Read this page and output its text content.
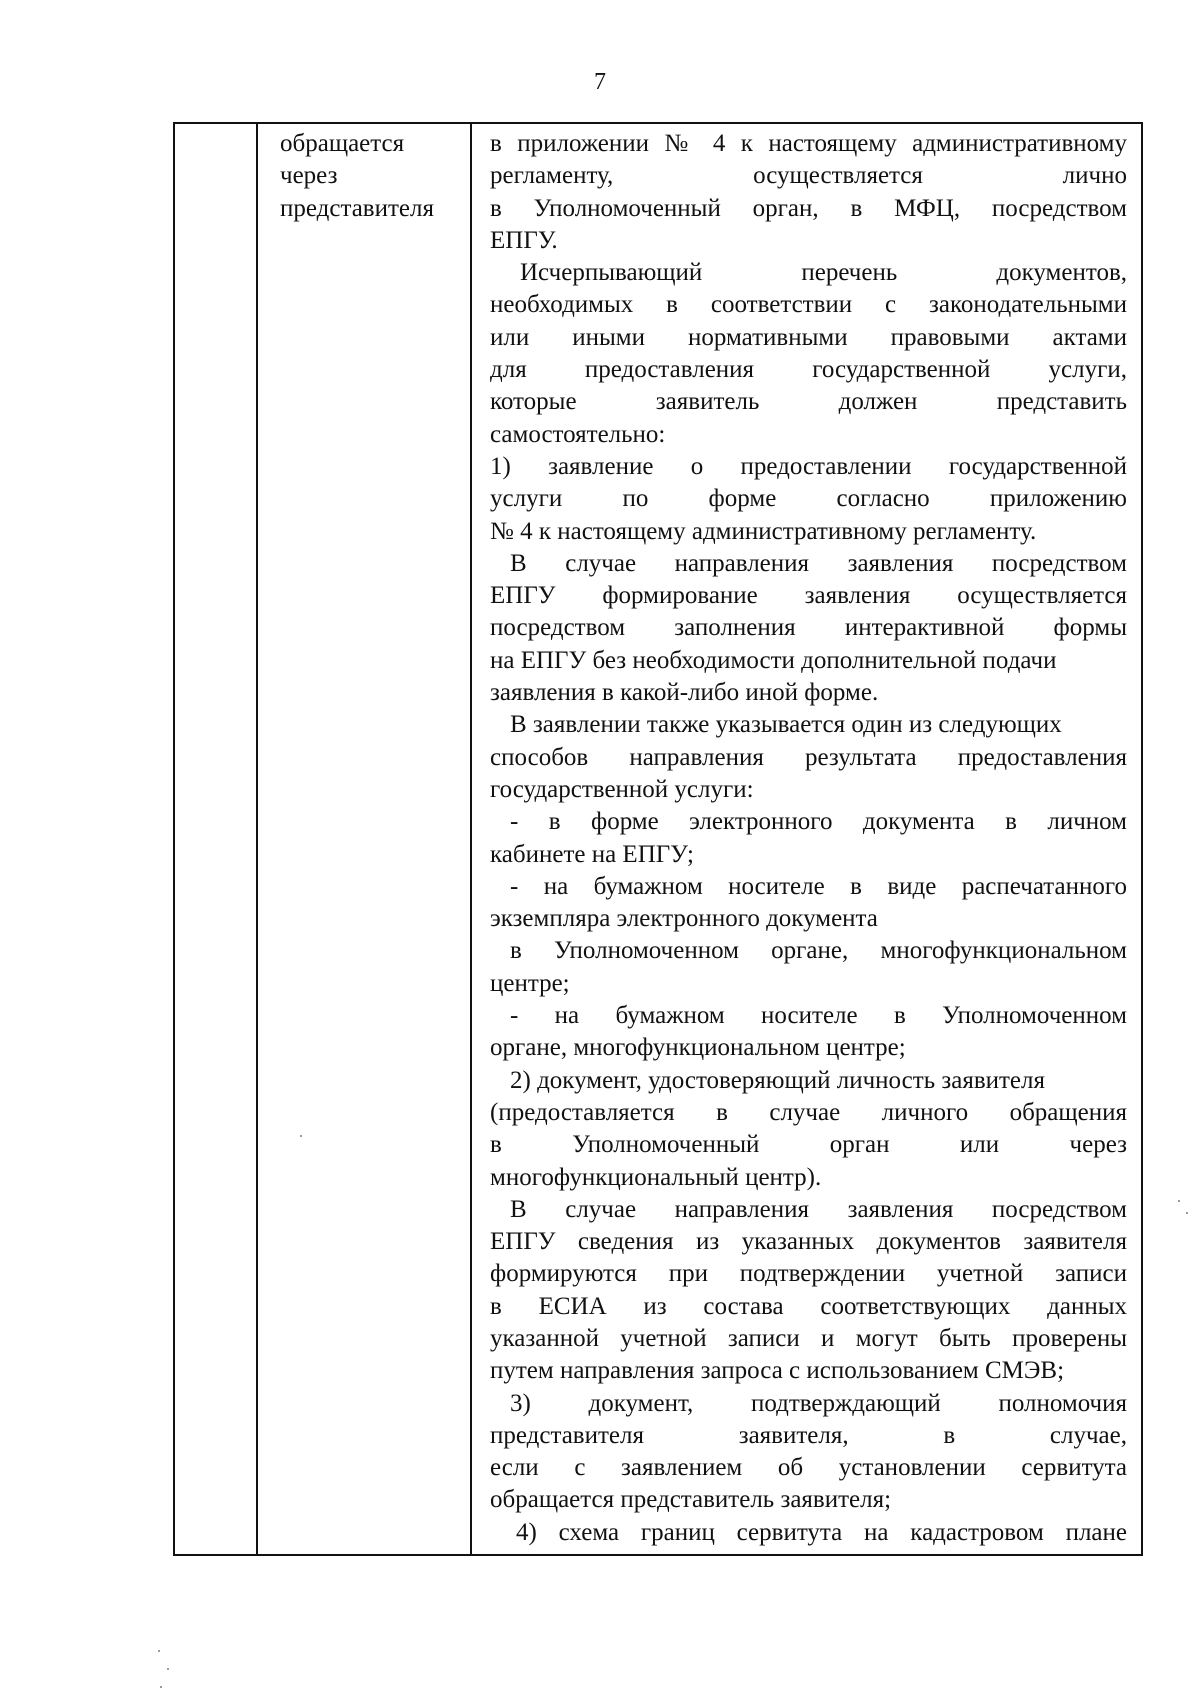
7
обращается
через
представителя
в приложении № 4 к настоящему административному
регламенту, осуществляется лично
в Уполномоченный орган, в МФЦ, посредством
ЕПГУ.
Исчерпывающий перечень документов,
необходимых в соответствии с законодательными
или иными нормативными правовыми актами
для предоставления государственной услуги,
которые заявитель должен представить
самостоятельно:
1) заявление о предоставлении государственной
услуги по форме согласно приложению
№ 4 к настоящему административному регламенту.
В случае направления заявления посредством
ЕПГУ формирование заявления осуществляется
посредством заполнения интерактивной формы
на ЕПГУ без необходимости дополнительной подачи
заявления в какой-либо иной форме.
В заявлении также указывается один из следующих
способов направления результата предоставления
государственной услуги:
- в форме электронного документа в личном
кабинете на ЕПГУ;
- на бумажном носителе в виде распечатанного
экземпляра электронного документа
в Уполномоченном органе, многофункциональном
центре;
- на бумажном носителе в Уполномоченном
органе, многофункциональном центре;
2) документ, удостоверяющий личность заявителя
(предоставляется в случае личного обращения
в Уполномоченный орган или через
многофункциональный центр).
В случае направления заявления посредством
ЕПГУ сведения из указанных документов заявителя
формируются при подтверждении учетной записи
в ЕСИА из состава соответствующих данных
указанной учетной записи и могут быть проверены
путем направления запроса с использованием СМЭВ;
3) документ, подтверждающий полномочия
представителя заявителя, в случае,
если с заявлением об установлении сервитута
обращается представитель заявителя;
4) схема границ сервитута на кадастровом плане
